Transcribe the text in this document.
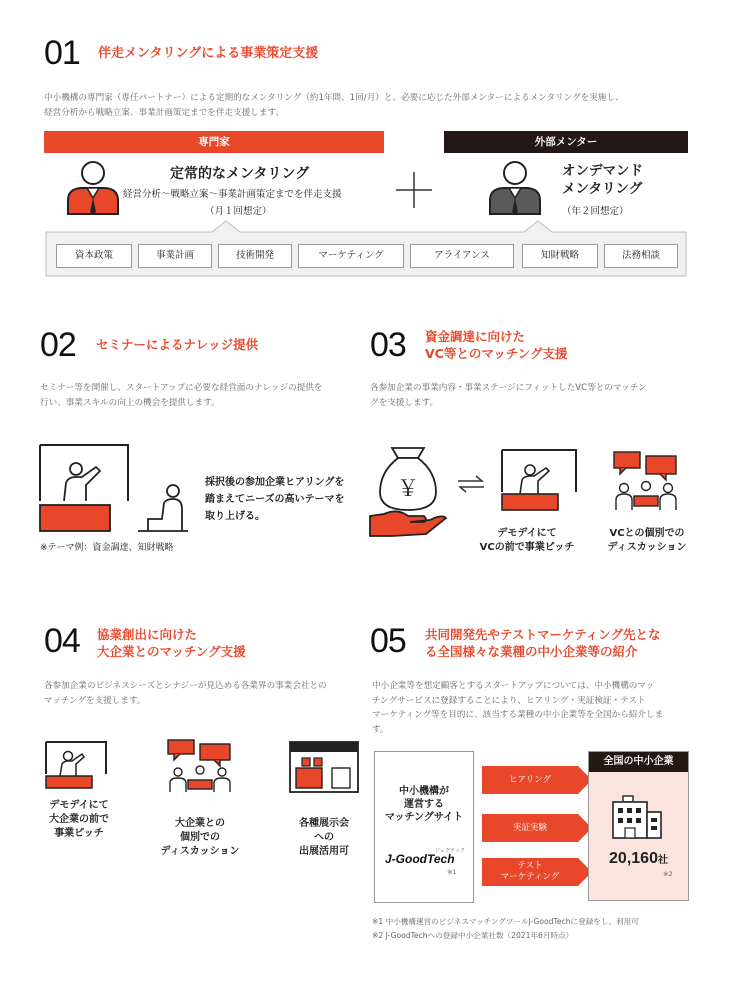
01 伴走メンタリングによる事業策定支援
中小機構の専門家（専任パートナー）による定期的なメンタリング（約1年間、1回/月）と、必要に応じた外部メンターによるメンタリングを実施し、
経営分析から戦略立案、事業計画策定までを伴走支援します。
専門家	外部メンター
定常的なメンタリング
経営分析〜戦略立案〜事業計画策定までを伴走支援
（月１回想定）
オンデマンド
メンタリング
（年２回想定）
資本政策	事業計画	技術開発	マーケティング	アライアンス	知財戦略	法務相談
02 セミナーによるナレッジ提供
セミナー等を開催し、スタートアップに必要な経営面のナレッジの提供を
行い、事業スキルの向上の機会を提供します。
採択後の参加企業ヒアリングを
踏まえてニーズの高いテーマを
取り上げる。
※テーマ例：資金調達、知財戦略
03 資金調達に向けた
VC等とのマッチング支援
各参加企業の事業内容・事業ステージにフィットしたVC等とのマッチン
グを支援します。
￥
デモデイにて
VCの前で事業ピッチ
VCとの個別での
ディスカッション
04 協業創出に向けた
大企業とのマッチング支援
各参加企業のビジネスシーズとシナジーが見込める各業界の事業会社との
マッチングを支援します。
デモデイにて
大企業の前で
事業ピッチ
大企業との
個別での
ディスカッション
各種展示会
への
出展活用可
05 共同開発先やテストマーケティング先とな
る全国様々な業種の中小企業等の紹介
中小企業等を想定顧客とするスタートアップについては、中小機構のマッ
チングサービスに登録することにより、ヒアリング・実証検証・テスト
マーケティング等を目的に、該当する業種の中小企業等を全国から紹介しま
す。
中小機構が
運営する
マッチングサイト
ジェグテック
J-GoodTech
※1
ヒアリング
実証実験
テスト
マーケティング
全国の中小企業
20,160社
※2
※1 中小機構運営のビジネスマッチングツールJ-GoodTechに登録をし、利用可
※2 J-GoodTechへの登録中小企業社数（2021年6月時点）
